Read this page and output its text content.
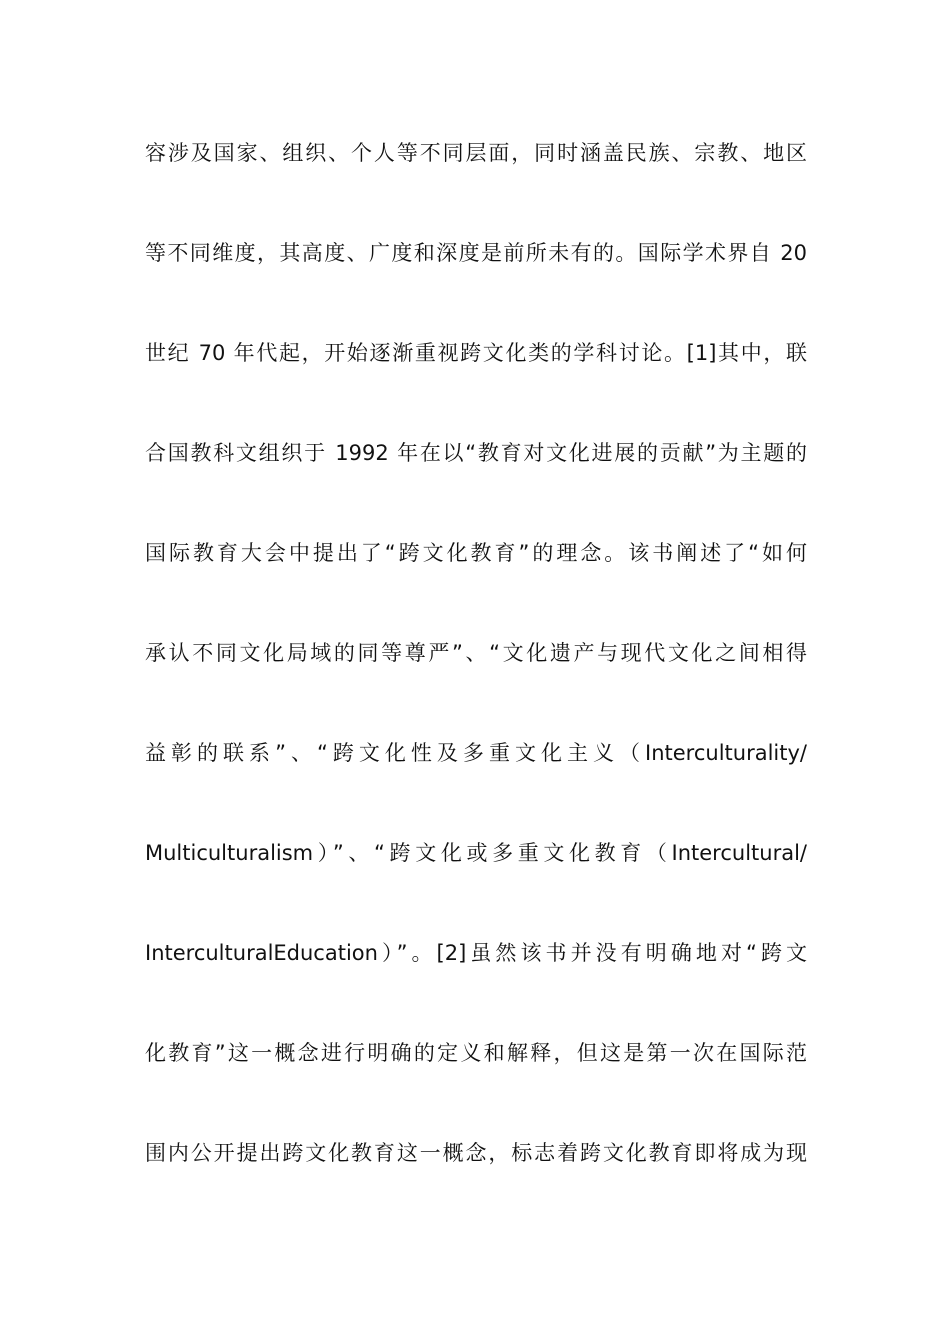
容涉及国家、组织、个人等不同层面，同时涵盖民族、宗教、地区
等不同维度，其高度、广度和深度是前所未有的。国际学术界自 20
世纪 70 年代起，开始逐渐重视跨文化类的学科讨论。[1]其中，联
合国教科文组织于 1992 年在以“教育对文化进展的贡献”为主题的
国际教育大会中提出了“跨文化教育”的理念。该书阐述了“如何
承认不同文化局域的同等尊严”、“文化遗产与现代文化之间相得
益彰的联系”、“跨文化性及多重文化主义（Interculturality/
Multiculturalism）”、“跨文化或多重文化教育（Intercultural/
InterculturalEducation）”。[2]虽然该书并没有明确地对“跨文
化教育”这一概念进行明确的定义和解释，但这是第一次在国际范
围内公开提出跨文化教育这一概念，标志着跨文化教育即将成为现
